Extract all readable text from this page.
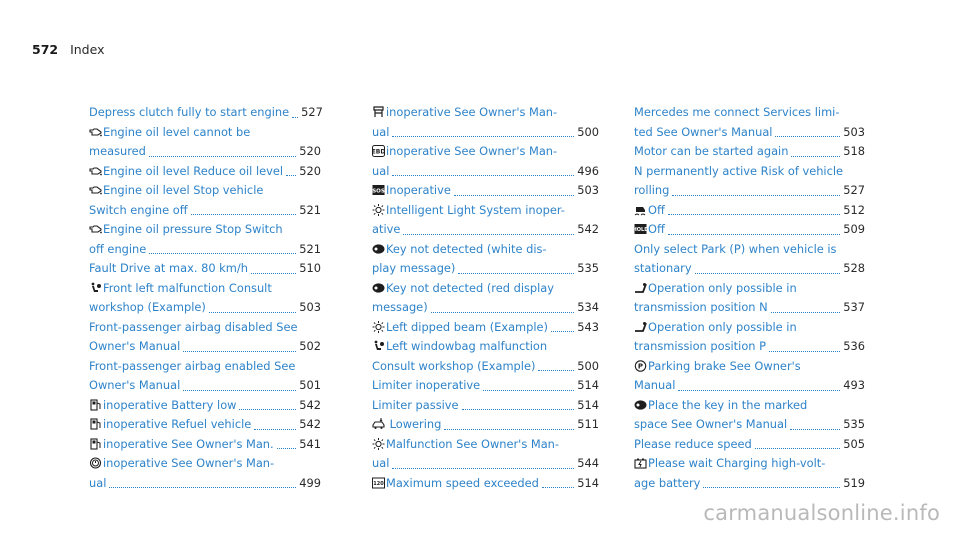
572 Index
Depress clutch fully to start engine 527
Engine oil level cannot be
measured	520
Engine oil level Reduce oil level 520
Engine oil level Stop vehicle
Switch engine off	521
Engine oil pressure Stop Switch
off engine	521
Fault Drive at max. 80 km/h	510
Front left malfunction Consult
workshop (Example)	503
Front-passenger airbag disabled See
Owner's Manual	502
Front-passenger airbag enabled See
Owner's Manual	501
inoperative Battery low	542
inoperative Refuel vehicle	542
inoperative See Owner's Man. 541
inoperative See Owner's Man-
ual	499
inoperative See Owner's Man-
ual	500
EBD inoperative See Owner's Man-
ual	496
SOS Inoperative	503
Intelligent Light System inoper-
ative	542
Key not detected (white dis-
play message)	535
Key not detected (red display
message)	534
Left dipped beam (Example)	543
Left windowbag malfunction
Consult workshop (Example)	500
Limiter inoperative	514
Limiter passive	514
Lowering	511
Malfunction See Owner's Man-
ual	544
120 Maximum speed exceeded	514
Mercedes me connect Services limi-
ted See Owner's Manual	503
Motor can be started again	518
N permanently active Risk of vehicle
rolling	527
Off	512
HOLD Off	509
Only select Park (P) when vehicle is
stationary	528
Operation only possible in
transmission position N	537
Operation only possible in
transmission position P	536
P Parking brake See Owner's
Manual	493
Place the key in the marked
space See Owner's Manual	535
Please reduce speed	505
Please wait Charging high-volt-
age battery	519
carmanualsonline.info
